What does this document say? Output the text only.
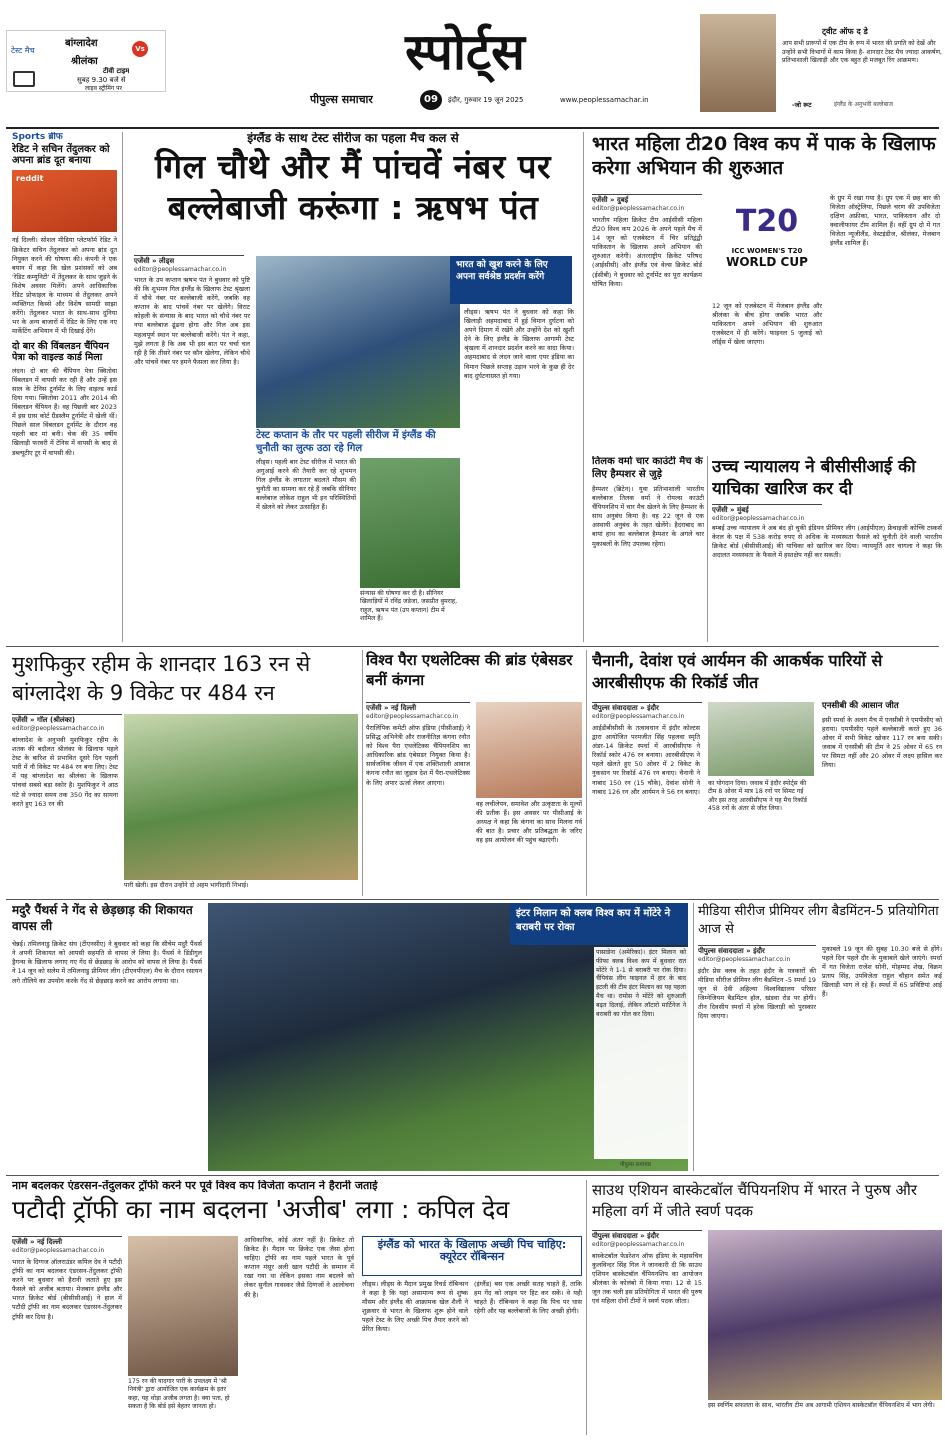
टेस्ट मैच
बांग्लादेश	Vs
श्रीलंका
टीवी टाइम
सुबह 9.30 बजे से
लाइव स्ट्रीमिंग पर
स्पोर्ट्स
पीपुल्स समाचार	09	इंदौर, गुरुवार 19 जून 2025	www.peoplessamachar.in
ट्वीट ऑफ द डे
आप सभी प्रारूपों में एक टीम के रूप में भारत की प्रगति को देखें और उन्होंने सभी विभागों में काम किया है- शानदार टेस्ट मैच ज्यादा आकर्षण, प्रतिभाशाली खिलाड़ी और एक बहुत ही मजबूत रिंग आक्रमण।
-जो रूट	इंग्लैंड के अनुभवी बल्लेबाज
Sports ब्रीफ
रेडिट ने सचिन तेंदुलकर को अपना ब्रांड दूत बनाया
reddit
नई दिल्ली। सोशल मीडिया प्लेटफॉर्म रेडिट ने क्रिकेटर सचिन तेंदुलकर को अपना ब्रांड दूत नियुक्त करने की घोषणा की। कंपनी ने एक बयान में कहा कि खेल प्रशंसकों को अब 'रेडिट कम्युनिटी' में तेंदुलकर के साथ जुड़ने के विशेष अवसर मिलेंगे। अपने आधिकारिक रेडिट प्रोफाइल के माध्यम से तेंदुलकर अपने व्यक्तिगत किस्से और विशेष सामग्री साझा करेंगे। तेंदुलकर भारत के साथ-साथ दुनिया भर के अन्य बाजारों में रेडिट के लिए एक नए मार्केटिंग अभियान में भी दिखाई देंगे।
दो बार की विंबलडन चैंपियन पेत्रा को वाइल्ड कार्ड मिला
लंदन। दो बार की चैंपियन पेत्रा क्वितोवा विंबलडन में वापसी कर रही हैं और उन्हें इस साल के टेनिस टूर्नामेंट के लिए वाइल्ड कार्ड दिया गया। क्वितोवा 2011 और 2014 की विंबलडन चैंपियन हैं। वह पिछली बार 2023 में इस ग्रास कोर्ट ग्रैंडस्लैम टूर्नामेंट में खेली थीं। पिछले साल विंबलडन टूर्नामेंट के दौरान वह पहली बार मां बनी। चेक की 35 वर्षीय खिलाड़ी फरवरी में टेनिस में वापसी के बाद से डब्ल्यूटीए टूर में वापसी की।
इंग्लैंड के साथ टेस्ट सीरीज का पहला मैच कल से
गिल चौथे और मैं पांचवें नंबर पर बल्लेबाजी करूंगा : ऋषभ पंत
एजेंसी » लीड्स
editor@peoplessamachar.co.in
भारत के उप कप्तान ऋषभ पंत ने बुधवार को पुष्टि की कि शुभमन गिल इंग्लैंड के खिलाफ टेस्ट श्रृंखला में चौथे नंबर पर बल्लेबाजी करेंगे, जबकि वह कप्तान के बाद पांचवें नंबर पर खेलेंगे। विराट कोहली के संन्यास के बाद भारत को चौथे नंबर पर नया बल्लेबाज ढूंढना होगा और गिल अब इस महत्वपूर्ण स्थान पर बल्लेबाजी करेंगे। पंत ने कहा, मुझे लगता है कि अब भी इस बात पर चर्चा चल रही है कि तीसरे नंबर पर कौन खेलेगा, लेकिन चौथे और पांचवें नंबर पर हमने फैसला कर लिया है।
भारत को खुश करने के लिए अपना सर्वश्रेष्ठ प्रदर्शन करेंगे
लीड्स। ऋषभ पंत ने बुधवार को कहा कि खिलाड़ी अहमदाबाद में हुई विमान दुर्घटना को अपने दिमाग में रखेंगे और उन्होंने देश को खुशी देने के लिए इंग्लैंड के खिलाफ आगामी टेस्ट श्रृंखला में शानदार प्रदर्शन करने का वादा किया। अहमदाबाद से लंदन जाने वाला एयर इंडिया का विमान पिछले सप्ताह उड़ान भरने के कुछ ही देर बाद दुर्घटनाग्रस्त हो गया।
टेस्ट कप्तान के तौर पर पहली सीरीज में इंग्लैंड की चुनौती का लुत्फ उठा रहे गिल
लीड्स। पहली बार टेस्ट सीरीज में भारत की अगुआई करने की तैयारी कर रहे शुभमन गिल इंग्लैंड के लगातार बदलते मौसम की चुनौती का सामना कर रहे हैं जबकि सीनियर बल्लेबाज लोकेश राहुल भी इन परिस्थितियों में खेलने को लेकर उत्साहित हैं।
संन्यास की घोषणा कर दी है। सीनियर खिलाड़ियों में रविंद्र जडेजा, जसप्रीत बुमराह, राहुल, ऋषभ पंत (उप कप्तान) टीम में शामिल हैं।
भारत महिला टी20 विश्व कप में पाक के खिलाफ करेगा अभियान की शुरुआत
एजेंसी » दुबई
editor@peoplessamachar.co.in
भारतीय महिला क्रिकेट टीम आईसीसी महिला टी20 विश्व कप 2026 के अपने पहले मैच में 14 जून को एजबेस्टन में चिर प्रतिद्वंद्वी पाकिस्तान के खिलाफ अपने अभियान की शुरुआत करेगी। अंतरराष्ट्रीय क्रिकेट परिषद (आईसीसी) और इंग्लैंड एवं वेल्स क्रिकेट बोर्ड (ईसीबी) ने बुधवार को टूर्नामेंट का पूरा कार्यक्रम घोषित किया।
T20
ICC WOMEN'S T20
WORLD CUP
12 जून को एजबेस्टन में मेजबान इंग्लैंड और श्रीलंका के बीच होगा जबकि भारत और पाकिस्तान अपने अभियान की शुरुआत एजबेस्टन में ही करेंगे। फाइनल 5 जुलाई को लॉर्ड्स में खेला जाएगा।
के ग्रुप में रखा गया है। ग्रुप एक में छह बार की विजेता ऑस्ट्रेलिया, पिछले चरण की उपविजेता दक्षिण अफ्रीका, भारत, पाकिस्तान और दो क्वालीफायर टीम शामिल हैं। वहीं ग्रुप दो में गत विजेता न्यूजीलैंड, वेस्टइंडीज, श्रीलंका, मेजबान इंग्लैंड शामिल हैं।
तिलक वर्मा चार काउंटी मैच के लिए हैम्पशर से जुड़े
हैम्पशर (ब्रिटेन)। युवा प्रतिभाशाली भारतीय बल्लेबाज तिलक वर्मा ने रोयल्स काउंटी चैंपियनशिप में चार मैच खेलने के लिए हैम्पशर के साथ अनुबंध किया है। वह 22 जून से एक अस्थायी अनुबंध के तहत खेलेंगे। हैदराबाद का बायां हाथ का बल्लेबाज हैम्पशर के अगले चार मुकाबलों के लिए उपलब्ध रहेगा।
उच्च न्यायालय ने बीसीसीआई की याचिका खारिज कर दी
एजेंसी » मुंबई
editor@peoplessamachar.co.in
बम्बई उच्च न्यायालय ने अब बंद हो चुकी इंडियन प्रीमियर लीग (आईपीएल) फ्रेंचाइजी कोच्चि टस्कर्स केरल के पक्ष में 538 करोड़ रुपए से अधिक के मध्यस्थता फैसले को चुनौती देने वाली भारतीय क्रिकेट बोर्ड (बीसीसीआई) की याचिका को खारिज कर दिया। न्यायमूर्ति आर चागला ने कहा कि अदालत मध्यस्थता के फैसले में हस्तक्षेप नहीं कर सकती।
मुशफिकुर रहीम के शानदार 163 रन से बांग्लादेश के 9 विकेट पर 484 रन
एजेंसी » गॉल (श्रीलंका)
editor@peoplessamachar.co.in
बांग्लादेश के अनुभवी मुशफिकुर रहीम के शतक की बदौलत श्रीलंका के खिलाफ पहले टेस्ट के बारिश से प्रभावित दूसरे दिन पहली पारी में नौ विकेट पर 484 रन बना लिए। टेस्ट में यह बांग्लादेश का श्रीलंका के खिलाफ पांचवां सबसे बड़ा स्कोर है। मुशफिकुर ने आठ घंटे से ज्यादा समय तक 350 गेंद का सामना करते हुए 163 रन की
पारी खेली। इस दौरान उन्होंने दो अहम भागीदारी निभाई।
विश्व पैरा एथलेटिक्स की ब्रांड एंबेसडर बनीं कंगना
एजेंसी » नई दिल्ली
editor@peoplessamachar.co.in
पैरालिंपिक कमेटी ऑफ इंडिया (पीसीआई) ने प्रसिद्ध अभिनेत्री और राजनीतिज्ञ कंगना रनौत को विश्व पैरा एथलेटिक्स चैंपियनशिप का आधिकारिक ब्रांड एंबेसडर नियुक्त किया है। सार्वजनिक जीवन में एक शक्तिशाली आवाज कंगना रनौत का जुड़ाव देश में पैरा-एथलेटिक्स के लिए अपार ऊर्जा लेकर आएगा।
वह लचीलेपन, समावेश और उत्कृष्टता के मूल्यों की प्रतीक हैं। इस अवसर पर पीसीआई के अध्यक्ष ने कहा कि कंगना का साथ मिलना गर्व की बात है। प्रचार और प्रतिबद्धता के जरिए वह इस आयोजन की पहुंच बढ़ाएंगी।
चैनानी, देवांश एवं आर्यमन की आकर्षक पारियों से आरबीसीएफ की रिकॉर्ड जीत
पीपुल्स संवाददाता » इंदौर
editor@peoplessamachar.co.in
आईडीबीसीसी के तत्वावधान में इंदौर कोल्टस द्वारा आयोजित परमजीत सिंह पहलवा स्मृति अंडर-14 क्रिकेट स्पर्धा में आरबीसीएफ ने रिकॉर्ड स्कोर 476 रन बनाया। आरबीसीएफ ने पहले खेलते हुए 50 ओवर में 2 विकेट के नुकसान पर रिकॉर्ड 476 रन बनाए। चैनानी ने नाबाद 150 रन (15 चौके), देवांश सोनी ने नाबाद 126 रन और आर्यमन ने 56 रन बनाए।
का योगदान दिया। जवाब में इंदौर स्पोर्ट्स की टीम 8 ओवर में मात्र 18 रनों पर सिमट गई और इस तरह आरबीसीएफ ने यह मैच रिकॉर्ड 458 रनों के अंतर से जीत लिया।
एनसीबी की आसान जीत
इसी स्पर्धा के अलग मैच में एनसीबी ने एमपीसीए को हराया। एमपीसीए पहले बल्लेबाजी करते हुए 36 ओवर में सभी विकेट खोकर 117 रन बना सकी। जवाब में एनसीबी की टीम ने 25 ओवर में 65 रन पर सिमटा नहीं और 20 ओवर में लक्ष्य हासिल कर लिया।
मदुरै पैंथर्स ने गेंद से छेड़छाड़ की शिकायत वापस ली
चेन्नई। तमिलनाडु क्रिकेट संघ (टीएनसीए) ने बुधवार को कहा कि सीचेम मदुरै पैंथर्स ने अपनी शिकायत को आपसी सहमति से वापस ले लिया है। पैंथर्स ने डिंडीगुल ड्रैगन्स के खिलाफ लगाए गए गेंद से छेड़छाड़ के आरोप को वापस ले लिया है। पैंथर्स ने 14 जून को सलेम में तमिलनाडु प्रीमियर लीग (टीएनपीएल) मैच के दौरान रसायन लगे तौलिये का उपयोग करके गेंद से छेड़छाड़ करने का आरोप लगाया था।
इंटर मिलान को क्लब विश्व कप में मोंटेरे ने बराबरी पर रोका
पासाडेना (अमेरिका)। इंटर मिलान को फीफा क्लब विश्व कप में बुधवार रात मोंटेरे ने 1-1 से बराबरी पर रोक दिया। चैंपियंस लीग फाइनल में हार के बाद इटली की टीम इंटर मिलान का यह पहला मैच था। रामोस ने मोंटेरे को शुरुआती बढ़त दिलाई, लेकिन लॉटारो मार्टिनेज ने बराबरी का गोल कर दिया।
पीपुल्स समाचार
मीडिया सीरीज प्रीमियर लीग बैडमिंटन-5 प्रतियोगिता आज से
पीपुल्स संवाददाता » इंदौर
editor@peoplessamachar.co.in
इंदौर प्रेस क्लब के तहत इंदौर के पत्रकारों की मीडिया सीरीज प्रीमियर लीग बैडमिंटन -5 स्पर्धा 19 जून से देवी अहिल्या विश्वविद्यालय परिसर जिम्नेजियम बैडमिंटन हॉल, खंडवा रोड पर होगी। तीन दिवसीय स्पर्धा में हरेक खिलाड़ी को पुरस्कार दिया जाएगा।
मुकाबले 19 जून की सुबह 10.30 बजे से होंगे। पहले दिन पहले दौर के मुकाबले खेले जाएंगे। स्पर्धा में गत विजेता राजेश सोनी, मोहम्मद शेख, विक्रम प्रताप सिंह, उपविजेता राहुल चौहान समेत कई खिलाड़ी भाग ले रहे हैं। स्पर्धा में 65 प्रविष्टियां आई हैं।
नाम बदलकर एंडरसन-तेंदुलकर ट्रॉफी करने पर पूर्व विश्व कप विजेता कप्तान ने हैरानी जताई
पटौदी ट्रॉफी का नाम बदलना 'अजीब' लगा : कपिल देव
एजेंसी » नई दिल्ली
editor@peoplessamachar.co.in
भारत के दिग्गज ऑलराउंडर कपिल देव ने पटौदी ट्रॉफी का नाम बदलकर एंडरसन-तेंदुलकर ट्रॉफी करने पर बुधवार को हैरानी जताते हुए इस फैसले को अजीब बताया। मेजबान इंग्लैंड और भारत क्रिकेट बोर्ड (बीसीसीआई) ने हाल में पटौदी ट्रॉफी का नाम बदलकर एंडरसन-तेंदुलकर ट्रॉफी कर दिया है।
175 रन की यादगार पारी के उपलक्ष्य में 'श्री नियंत्री' द्वारा आयोजित एक कार्यक्रम के इतर कहा, यह थोड़ा अजीब लगता है। क्या पता, हो सकता है कि बोर्ड इसे बेहतर जानता हो।
आधिकारिक, कोई अंतर नहीं है। क्रिकेट तो क्रिकेट है। मैदान पर क्रिकेट एक जैसा होना चाहिए। ट्रॉफी का नाम पहले भारत के पूर्व कप्तान मंसूर अली खान पटौदी के सम्मान में रखा गया था लेकिन इसका नाम बदलने को लेकर सुनील गावस्कर जैसे दिग्गजों ने आलोचना की है।
इंग्लैंड को भारत के खिलाफ अच्छी पिच चाहिए: क्यूरेटर रॉबिन्सन
लीड्स। लीड्स के मैदान प्रमुख रिचर्ड रॉबिन्सन ने कहा है कि यहां असामान्य रूप से शुष्क मौसम और इंग्लैंड की आक्रामक खेल शैली ने शुक्रवार से भारत के खिलाफ शुरू होने वाले पहले टेस्ट के लिए अच्छी पिच तैयार करने को प्रेरित किया।
(इंग्लैंड) बस एक अच्छी सतह चाहते हैं, ताकि हम गेंद को लाइन पर हिट कर सकें। वे यही चाहते हैं। रॉबिन्सन ने कहा कि पिच पर घास रहेगी और यह बल्लेबाजों के लिए अच्छी होगी।
साउथ एशियन बास्केटबॉल चैंपियनशिप में भारत ने पुरुष और महिला वर्ग में जीते स्वर्ण पदक
पीपुल्स संवाददाता » इंदौर
editor@peoplessamachar.co.in
बास्केटबॉल फेडरेशन ऑफ इंडिया के महासचिव कुलविन्दर सिंह गिल ने जानकारी दी कि साउथ एशियन बास्केटबॉल चैंपियनशिप का आयोजन श्रीलंका के कोलंबो में किया गया। 12 से 15 जून तक चली इस प्रतियोगिता में भारत की पुरुष एवं महिला दोनों टीमों ने स्वर्ण पदक जीता।
इस स्वर्णिम सफलता के साथ, भारतीय टीम अब आगामी एशियन बास्केटबॉल चैंपियनशिप में भाग लेगी।
